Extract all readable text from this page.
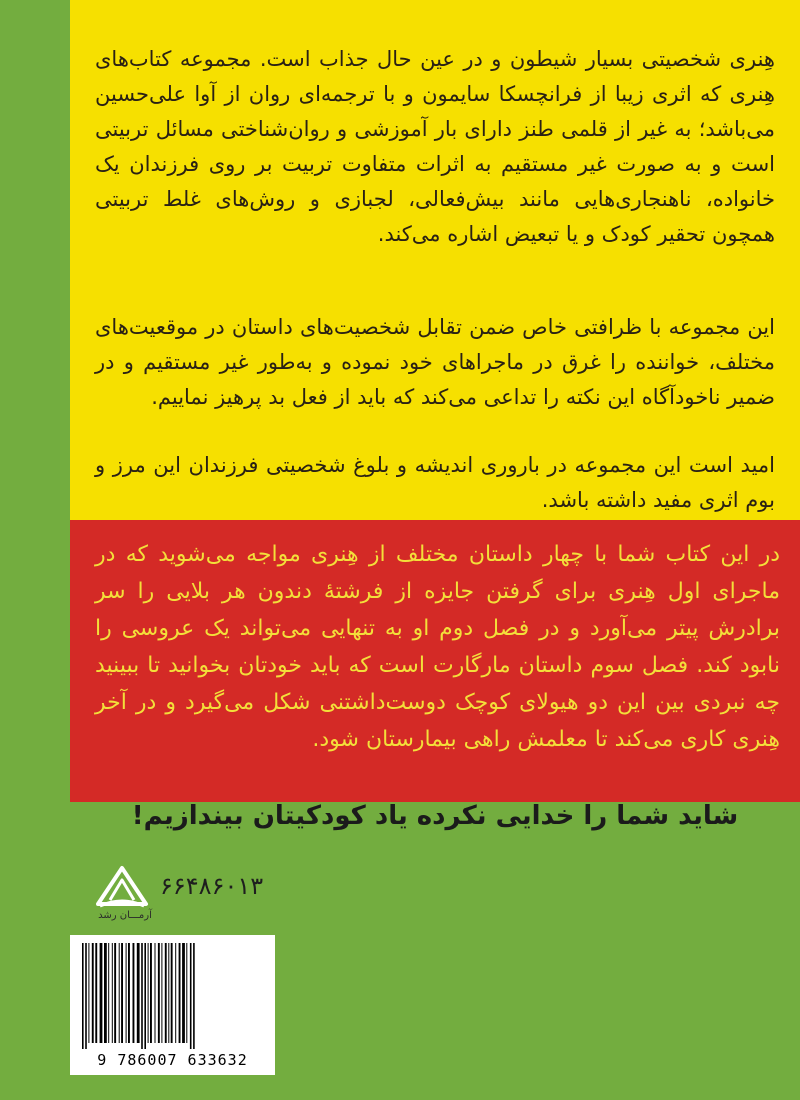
هِنری شخصیتی بسیار شیطون و در عین حال جذاب است. مجموعه کتاب‌های هِنری که اثری زیبا از فرانچسکا سایمون و با ترجمه‌ای روان از آوا علی‌حسین می‌باشد؛ به غیر از قلمی طنز دارای بار آموزشی و روان‌شناختی مسائل تربیتی است و به صورت غیر مستقیم به اثرات متفاوت تربیت بر روی فرزندان یک خانواده، ناهنجاری‌هایی مانند بیش‌فعالی، لجبازی و روش‌های غلط تربیتی همچون تحقیر کودک و یا تبعیض اشاره می‌کند.

این مجموعه با ظرافتی خاص ضمن تقابل شخصیت‌های داستان در موقعیت‌های مختلف، خواننده را غرق در ماجراهای خود نموده و به‌طور غیر مستقیم و در ضمیر ناخودآگاه این نکته را تداعی می‌کند که باید از فعل بد پرهیز نماییم.

امید است این مجموعه در باروری اندیشه و بلوغ شخصیتی فرزندان این مرز و بوم اثری مفید داشته باشد.

در این کتاب شما با چهار داستان مختلف از هِنری مواجه می‌شوید که در ماجرای اول هِنری برای گرفتن جایزه از فرشتهٔ دندون هر بلایی را سر برادرش پیتر می‌آورد و در فصل دوم او به تنهایی می‌تواند یک عروسی را نابود کند. فصل سوم داستان مارگارت است که باید خودتان بخوانید تا ببینید چه نبردی بین این دو هیولای کوچک دوست‌داشتنی شکل می‌گیرد و در آخر هِنری کاری می‌کند تا معلمش راهی بیمارستان شود.

شاید شما را خدایی نکرده یاد کودکیتان بیندازیم!

آرمـــان رشد

۶۶۴۸۶۰۱۳

9 786007 633632
